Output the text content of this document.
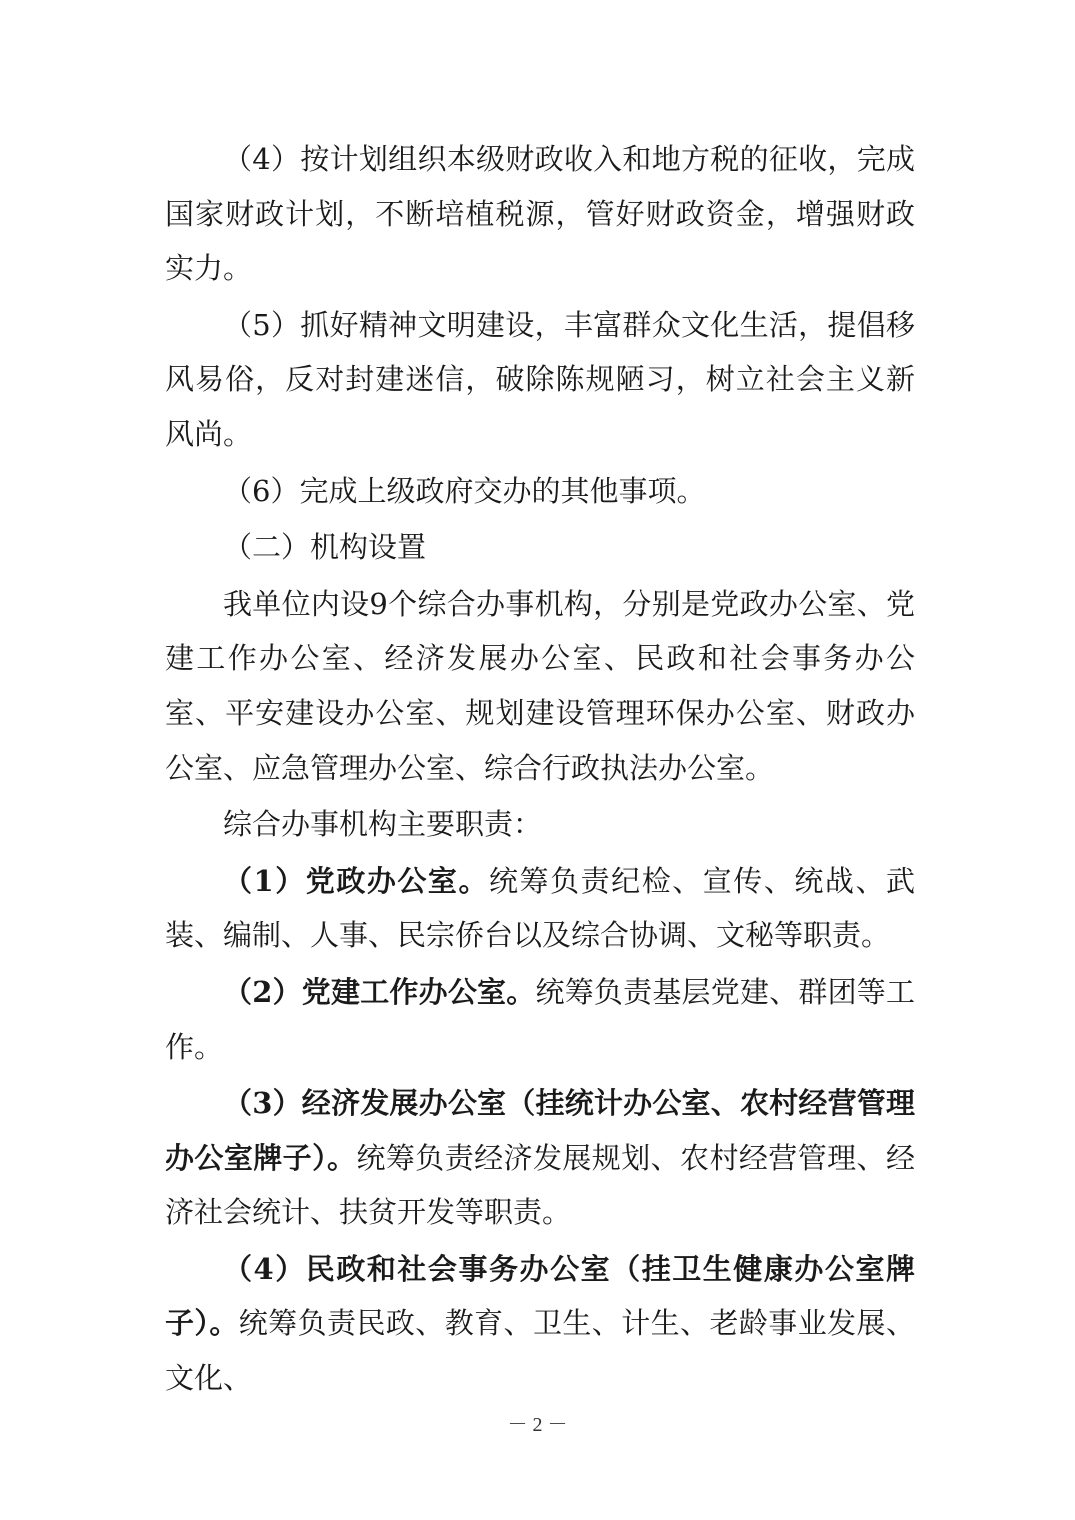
（4）按计划组织本级财政收入和地方税的征收，完成国家财政计划，不断培植税源，管好财政资金，增强财政实力。

（5）抓好精神文明建设，丰富群众文化生活，提倡移风易俗，反对封建迷信，破除陈规陋习，树立社会主义新风尚。

（6）完成上级政府交办的其他事项。

（二）机构设置

我单位内设9个综合办事机构，分别是党政办公室、党建工作办公室、经济发展办公室、民政和社会事务办公室、平安建设办公室、规划建设管理环保办公室、财政办公室、应急管理办公室、综合行政执法办公室。

综合办事机构主要职责：

（1）党政办公室。统筹负责纪检、宣传、统战、武装、编制、人事、民宗侨台以及综合协调、文秘等职责。

（2）党建工作办公室。统筹负责基层党建、群团等工作。

（3）经济发展办公室（挂统计办公室、农村经营管理办公室牌子）。统筹负责经济发展规划、农村经营管理、经济社会统计、扶贫开发等职责。

（4）民政和社会事务办公室（挂卫生健康办公室牌子）。统筹负责民政、教育、卫生、计生、老龄事业发展、文化、

－ 2 －
